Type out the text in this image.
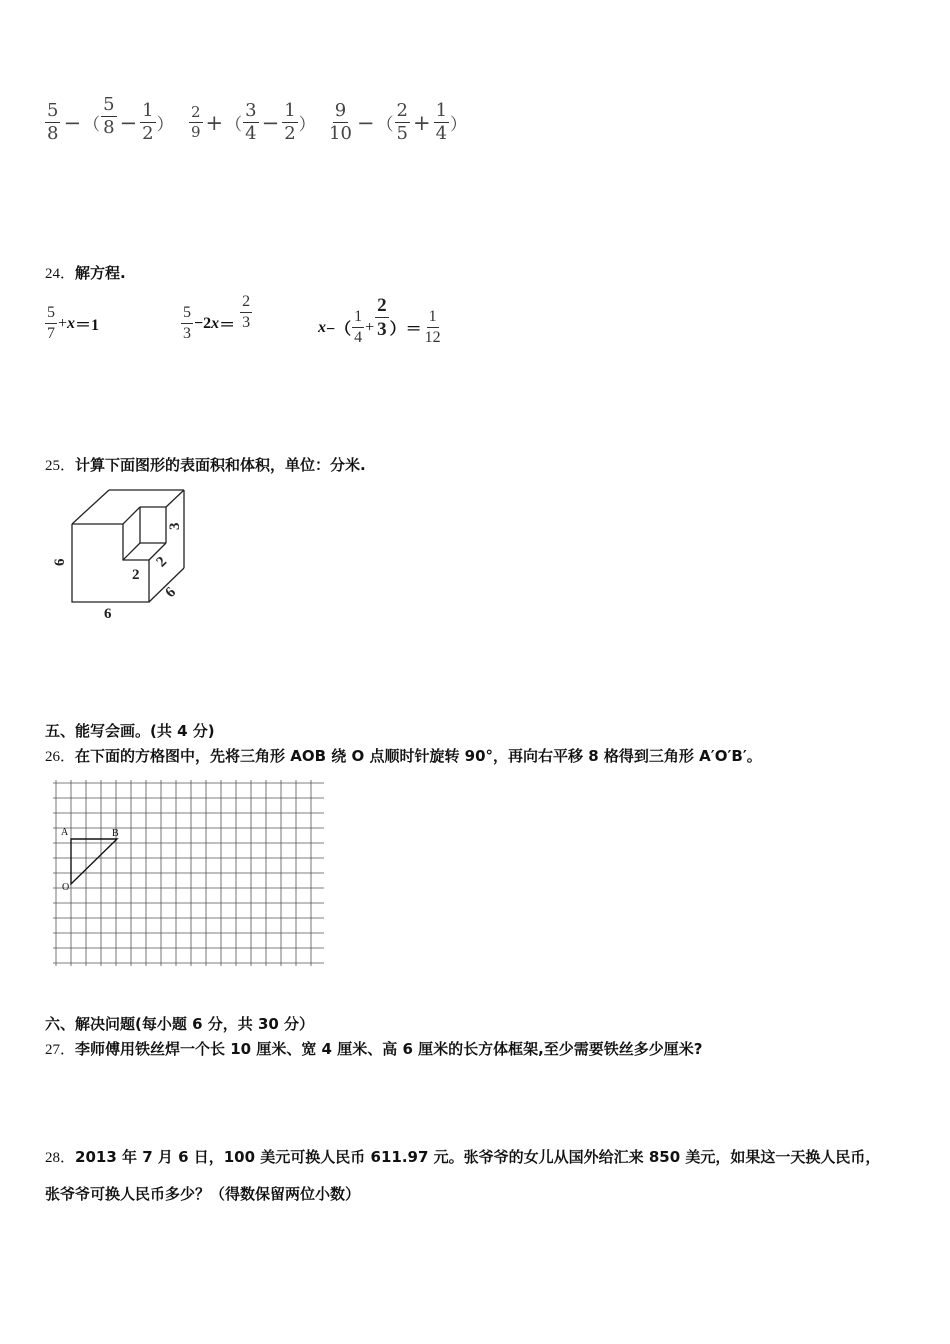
$\frac{5}{8}$ − （ $\frac{5}{8} - \frac{1}{2}$ ） $\frac{2}{9}$ + （ $\frac{3}{4} - \frac{1}{2}$ ） $\frac{9}{10}$ − （ $\frac{2}{5} + \frac{1}{4}$ ）
24．解方程.
$\frac{5}{7} + x =1$	$\frac{5}{3} -2$ $x = \frac{2}{3}$	x −（ $\frac{1}{4} + \frac{2}{3}$ ）＝ $\frac{1}{12}$
25．计算下面图形的表面积和体积，单位：分米.
6
6
6
2
2
3
五、能写会画。(共 4 分)
26．在下面的方格图中，先将三角形 AOB 绕 O 点顺时针旋转 90°，再向右平移 8 格得到三角形 A′O′B′。
A	B
O
六、解决问题(每小题 6 分，共 30 分）
27．李师傅用铁丝焊一个长 10 厘米、宽 4 厘米、高 6 厘米的长方体框架,至少需要铁丝多少厘米?
28．2013 年 7 月 6 日，100 美元可换人民币 611.97 元。张爷爷的女儿从国外给汇来 850 美元，如果这一天换人民币，
张爷爷可换人民币多少？（得数保留两位小数）
